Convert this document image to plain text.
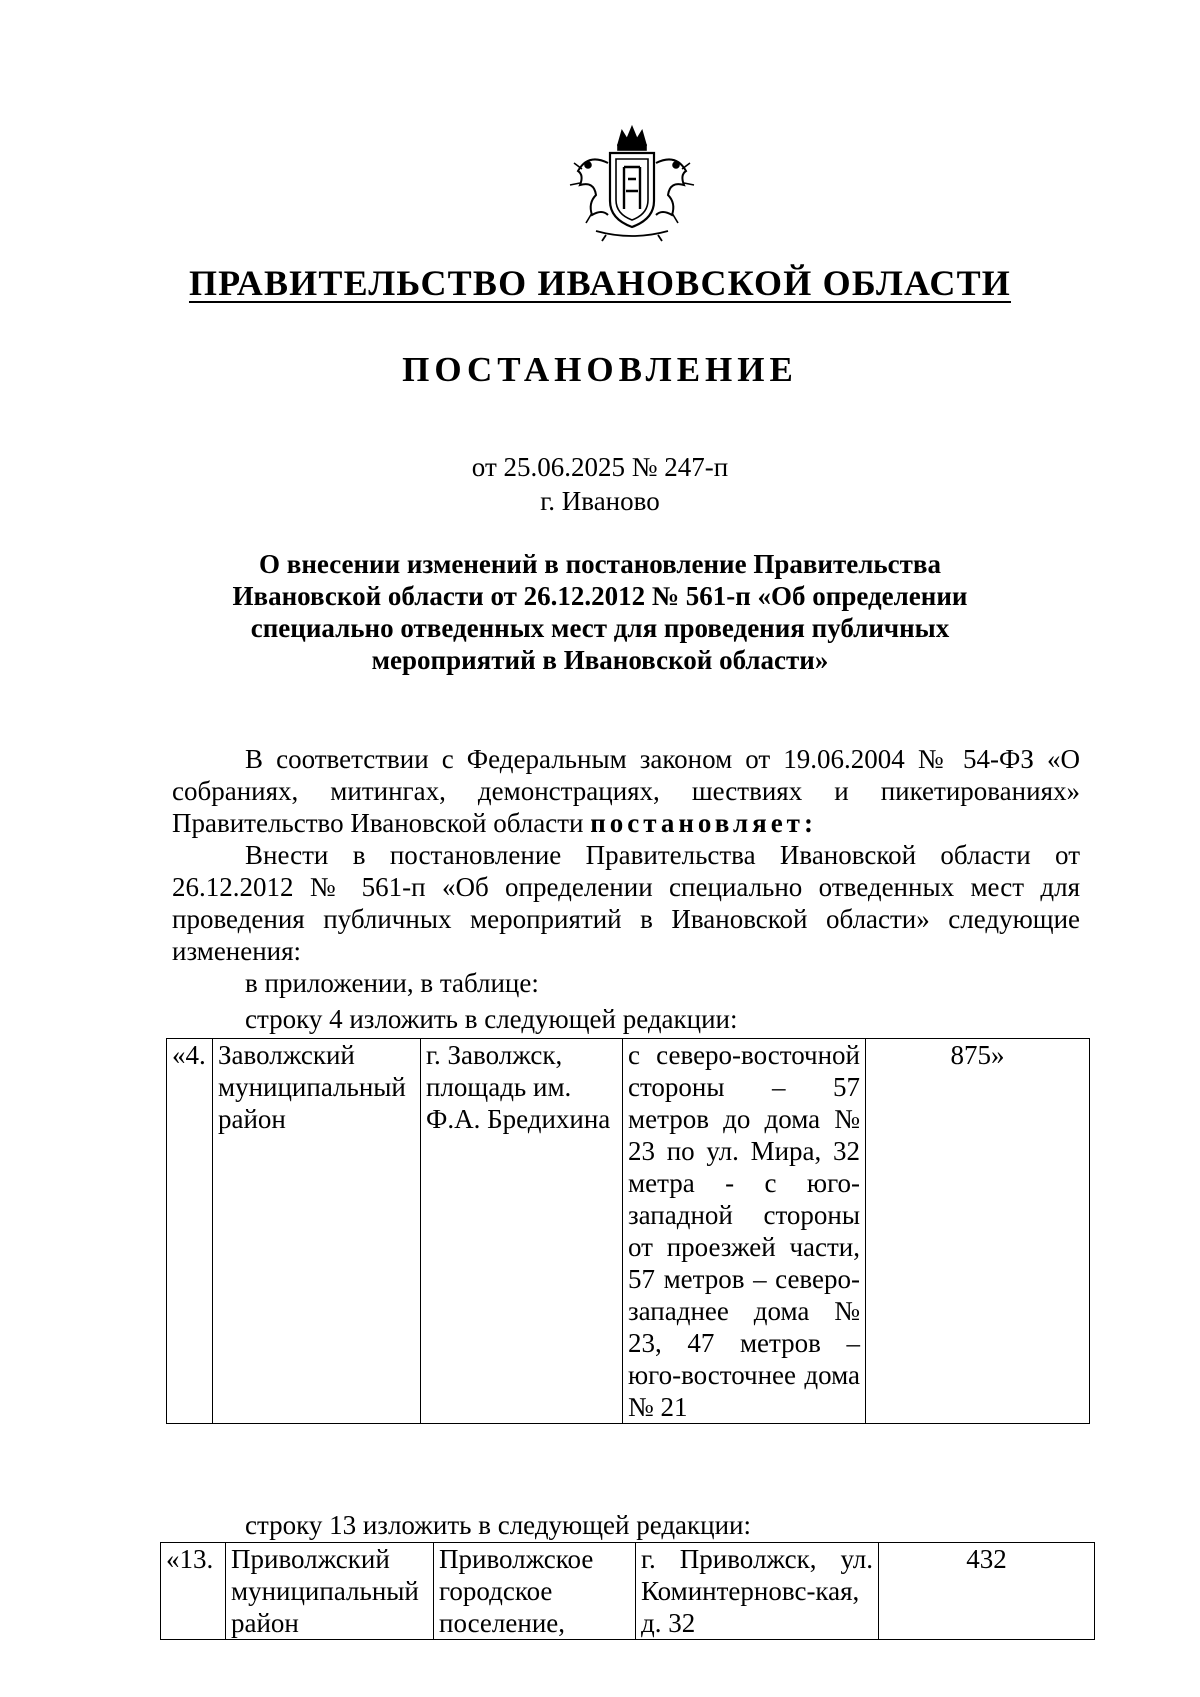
ПРАВИТЕЛЬСТВО ИВАНОВСКОЙ ОБЛАСТИ
ПОСТАНОВЛЕНИЕ
от 25.06.2025 № 247-п
г. Иваново
О внесении изменений в постановление Правительства Ивановской области от 26.12.2012 № 561-п «Об определении специально отведенных мест для проведения публичных мероприятий в Ивановской области»

В соответствии с Федеральным законом от 19.06.2004 № 54-ФЗ «О собраниях, митингах, демонстрациях, шествиях и пикетированиях» Правительство Ивановской области постановляет:

Внести в постановление Правительства Ивановской области от 26.12.2012 № 561-п «Об определении специально отведенных мест для проведения публичных мероприятий в Ивановской области» следующие изменения:

в приложении, в таблице:

строку 4 изложить в следующей редакции:
«4.	Заволжский муниципальный район	г. Заволжск, площадь им. Ф.А. Бредихина	с северо-восточной стороны – 57 метров до дома № 23 по ул. Мира, 32 метра - с юго-западной стороны от проезжей части, 57 метров – северо-западнее дома № 23, 47 метров – юго-восточнее дома № 21	875»
строку 13 изложить в следующей редакции:
«13.	Приволжский муниципальный район	Приволжское городское поселение,	г. Приволжск, ул. Коминтерновс-кая, д. 32	432
